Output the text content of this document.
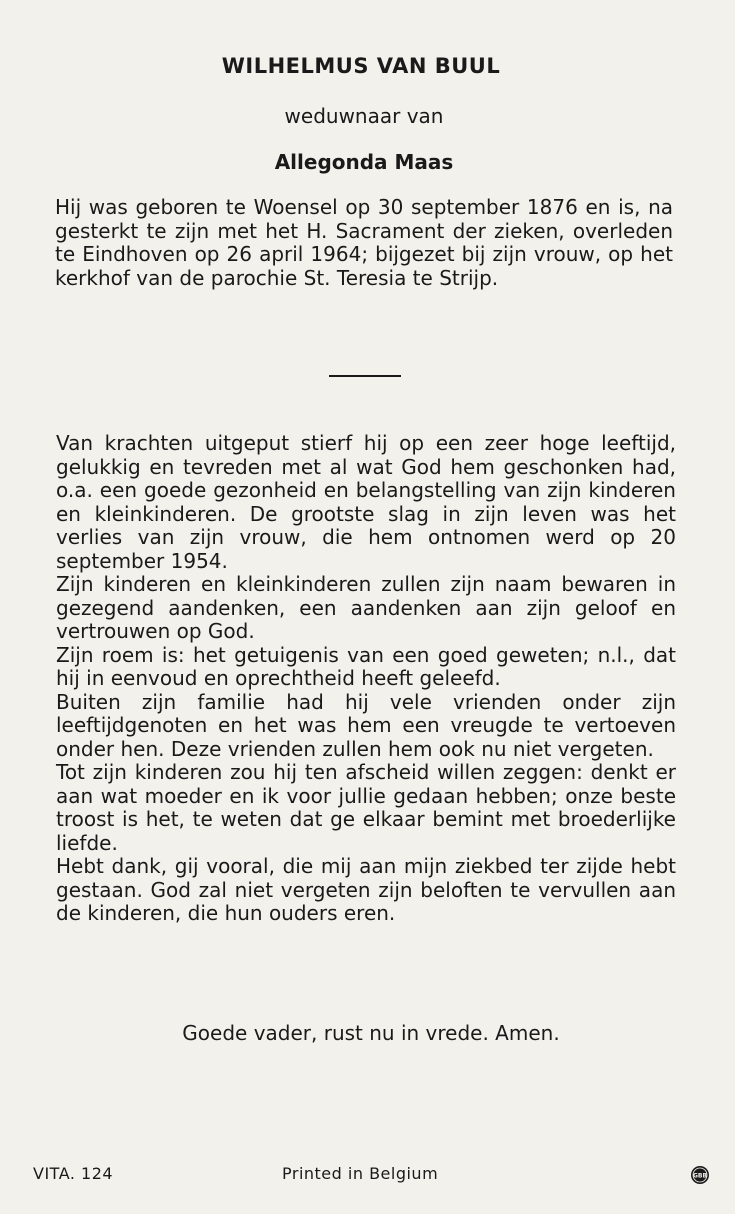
WILHELMUS VAN BUUL
weduwnaar van
Allegonda Maas
Hij was geboren te Woensel op 30 september 1876 en is, na gesterkt te zijn met het H. Sacrament der zieken, overleden te Eindhoven op 26 april 1964; bijgezet bij zijn vrouw, op het kerkhof van de parochie St. Teresia te Strijp.

Van krachten uitgeput stierf hij op een zeer hoge leeftijd, gelukkig en tevreden met al wat God hem geschonken had, o.a. een goede gezonheid en belangstelling van zijn kinderen en kleinkinderen. De grootste slag in zijn leven was het verlies van zijn vrouw, die hem ontnomen werd op 20 september 1954.

Zijn kinderen en kleinkinderen zullen zijn naam bewaren in gezegend aandenken, een aandenken aan zijn geloof en vertrouwen op God.

Zijn roem is: het getuigenis van een goed geweten; n.l., dat hij in eenvoud en oprechtheid heeft geleefd.

Buiten zijn familie had hij vele vrienden onder zijn leeftijdgenoten en het was hem een vreugde te vertoeven onder hen. Deze vrienden zullen hem ook nu niet vergeten.

Tot zijn kinderen zou hij ten afscheid willen zeggen: denkt er aan wat moeder en ik voor jullie gedaan hebben; onze beste troost is het, te weten dat ge elkaar bemint met broederlijke liefde.

Hebt dank, gij vooral, die mij aan mijn ziekbed ter zijde hebt gestaan. God zal niet vergeten zijn beloften te vervullen aan de kinderen, die hun ouders eren.

Goede vader, rust nu in vrede. Amen.
VITA. 124	Printed in Belgium	GBB
